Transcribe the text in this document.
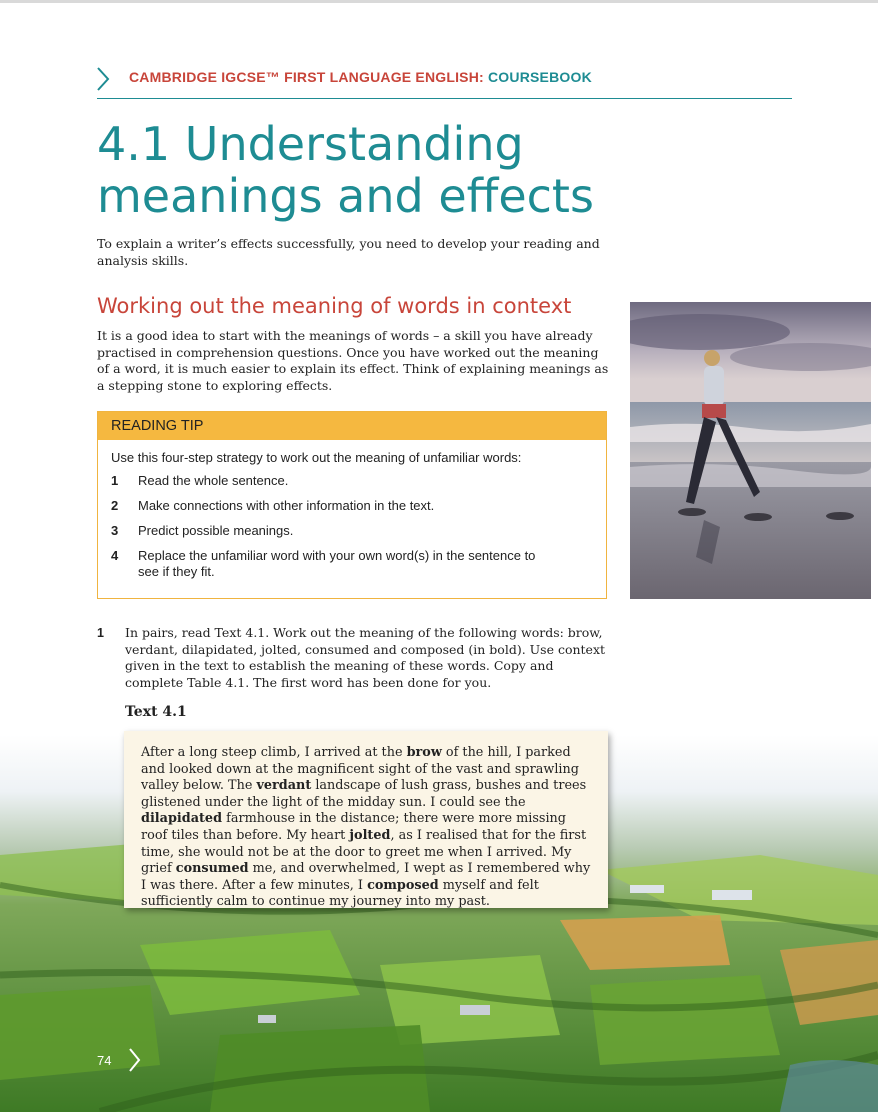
CAMBRIDGE IGCSE™ FIRST LANGUAGE ENGLISH: COURSEBOOK
4.1 Understanding meanings and effects

To explain a writer’s effects successfully, you need to develop your reading and analysis skills.

Working out the meaning of words in context

It is a good idea to start with the meanings of words – a skill you have already practised in comprehension questions. Once you have worked out the meaning of a word, it is much easier to explain its effect. Think of explaining meanings as a stepping stone to exploring effects.

READING TIP
Use this four-step strategy to work out the meaning of unfamiliar words:
1	Read the whole sentence.
2	Make connections with other information in the text.
3	Predict possible meanings.
4	Replace the unfamiliar word with your own word(s) in the sentence to see if they fit.
1	In pairs, read Text 4.1. Work out the meaning of the following words: brow, verdant, dilapidated, jolted, consumed and composed (in bold). Use context given in the text to establish the meaning of these words. Copy and complete Table 4.1. The first word has been done for you.
Text 4.1
After a long steep climb, I arrived at the brow of the hill, I parked and looked down at the magnificent sight of the vast and sprawling valley below. The verdant landscape of lush grass, bushes and trees glistened under the light of the midday sun. I could see the dilapidated farmhouse in the distance; there were more missing roof tiles than before. My heart jolted, as I realised that for the first time, she would not be at the door to greet me when I arrived. My grief consumed me, and overwhelmed, I wept as I remembered why I was there. After a few minutes, I composed myself and felt sufficiently calm to continue my journey into my past.
74
